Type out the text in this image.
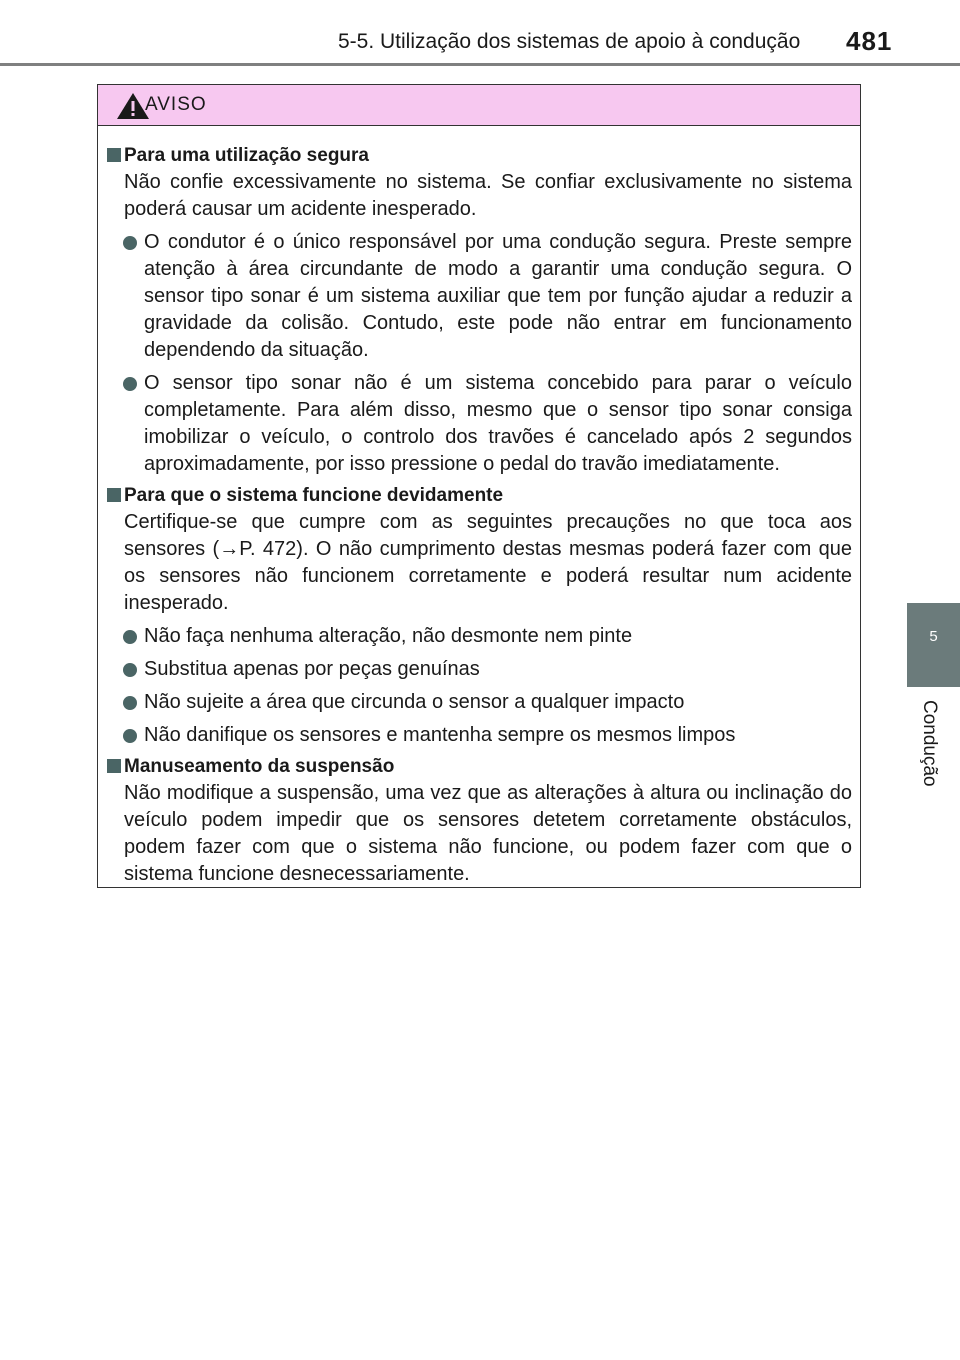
5-5. Utilização dos sistemas de apoio à condução 481
5
Condução
AVISO
Para uma utilização segura
Não confie excessivamente no sistema. Se confiar exclusivamente no sistema poderá causar um acidente inesperado.
O condutor é o único responsável por uma condução segura. Preste sempre atenção à área circundante de modo a garantir uma condução segura. O sensor tipo sonar é um sistema auxiliar que tem por função ajudar a reduzir a gravidade da colisão. Contudo, este pode não entrar em funcionamento dependendo da situação.
O sensor tipo sonar não é um sistema concebido para parar o veículo completamente. Para além disso, mesmo que o sensor tipo sonar consiga imobilizar o veículo, o controlo dos travões é cancelado após 2 segundos aproximadamente, por isso pressione o pedal do travão imediatamente.
Para que o sistema funcione devidamente
Certifique-se que cumpre com as seguintes precauções no que toca aos sensores (→P. 472). O não cumprimento destas mesmas poderá fazer com que os sensores não funcionem corretamente e poderá resultar num acidente inesperado.
Não faça nenhuma alteração, não desmonte nem pinte
Substitua apenas por peças genuínas
Não sujeite a área que circunda o sensor a qualquer impacto
Não danifique os sensores e mantenha sempre os mesmos limpos
Manuseamento da suspensão
Não modifique a suspensão, uma vez que as alterações à altura ou inclinação do veículo podem impedir que os sensores detetem corretamente obstáculos, podem fazer com que o sistema não funcione, ou podem fazer com que o sistema funcione desnecessariamente.
